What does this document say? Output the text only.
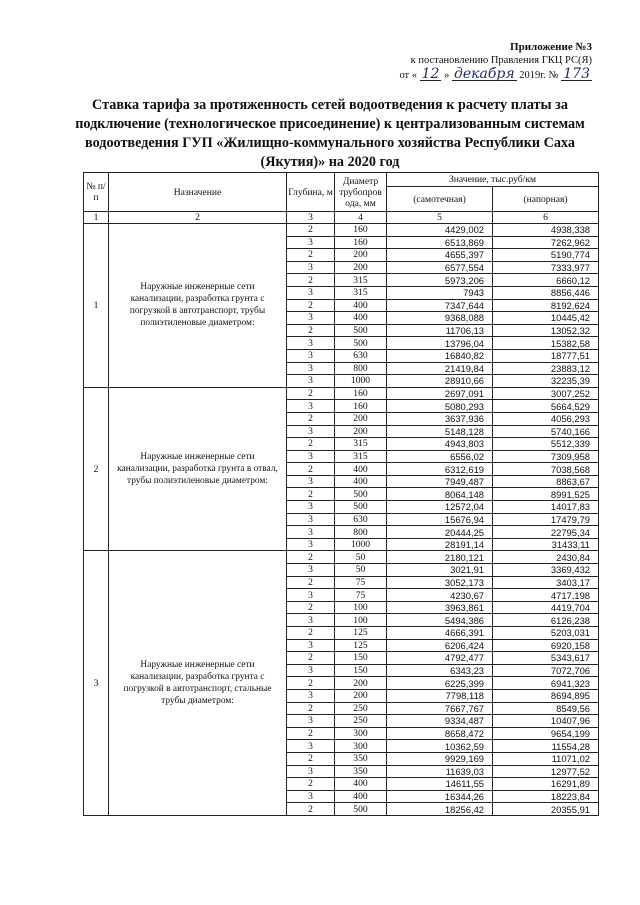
Приложение №3
к постановлению Правления ГКЦ РС(Я)
от « 12 » декабря 2019г. № 173
Ставка тарифа за протяженность сетей водоотведения к расчету платы за подключение (технологическое присоединение) к централизованным системам водоотведения ГУП «Жилищно-коммунального хозяйства Республики Саха (Якутия)» на 2020 год
№ п/п	Назначение	Глубина, м	Диаметр трубопров ода, мм	Значение, тыс.руб/км	
				(самотечная)	(напорная)
1	2	3	4	5	6
1	Наружные инженерные сети канализации, разработка грунта с погрузкой в автотранспорт, трубы полиэтиленовые диаметром:	2	160	4429,002	4938,338
		3	160	6513,869	7262,962
		2	200	4655,397	5190,774
		3	200	6577,554	7333,977
		2	315	5973,206	6660,12
		3	315	7943	8856,446
		2	400	7347,644	8192,624
		3	400	9368,088	10445,42
		2	500	11706,13	13052,32
		3	500	13796,04	15382,58
		3	630	16840,82	18777,51
		3	800	21419,84	23883,12
		3	1000	28910,66	32235,39
2	Наружные инженерные сети канализации, разработка грунта в отвал, трубы полиэтиленовые диаметром:	2	160	2697,091	3007,252
		3	160	5080,293	5664,529
		2	200	3637,936	4056,293
		3	200	5148,128	5740,166
		2	315	4943,803	5512,339
		3	315	6556,02	7309,958
		2	400	6312,619	7038,568
		3	400	7949,487	8863,67
		2	500	8064,148	8991,525
		3	500	12572,04	14017,83
		3	630	15676,94	17479,79
		3	800	20444,25	22795,34
		3	1000	28191,14	31433,11
3	Наружные инженерные сети канализации, разработка грунта с погрузкой в автотранспорт, стальные трубы диаметром:	2	50	2180,121	2430,84
		3	50	3021,91	3369,432
		2	75	3052,173	3403,17
		3	75	4230,67	4717,198
		2	100	3963,861	4419,704
		3	100	5494,386	6126,238
		2	125	4666,391	5203,031
		3	125	6206,424	6920,158
		2	150	4792,477	5343,617
		3	150	6343,23	7072,706
		2	200	6225,399	6941,323
		3	200	7798,118	8694,895
		2	250	7667,767	8549,56
		3	250	9334,487	10407,96
		2	300	8658,472	9654,199
		3	300	10362,59	11554,28
		2	350	9929,169	11071,02
		3	350	11639,03	12977,52
		2	400	14611,55	16291,89
		3	400	16344,26	18223,84
		2	500	18256,42	20355,91
